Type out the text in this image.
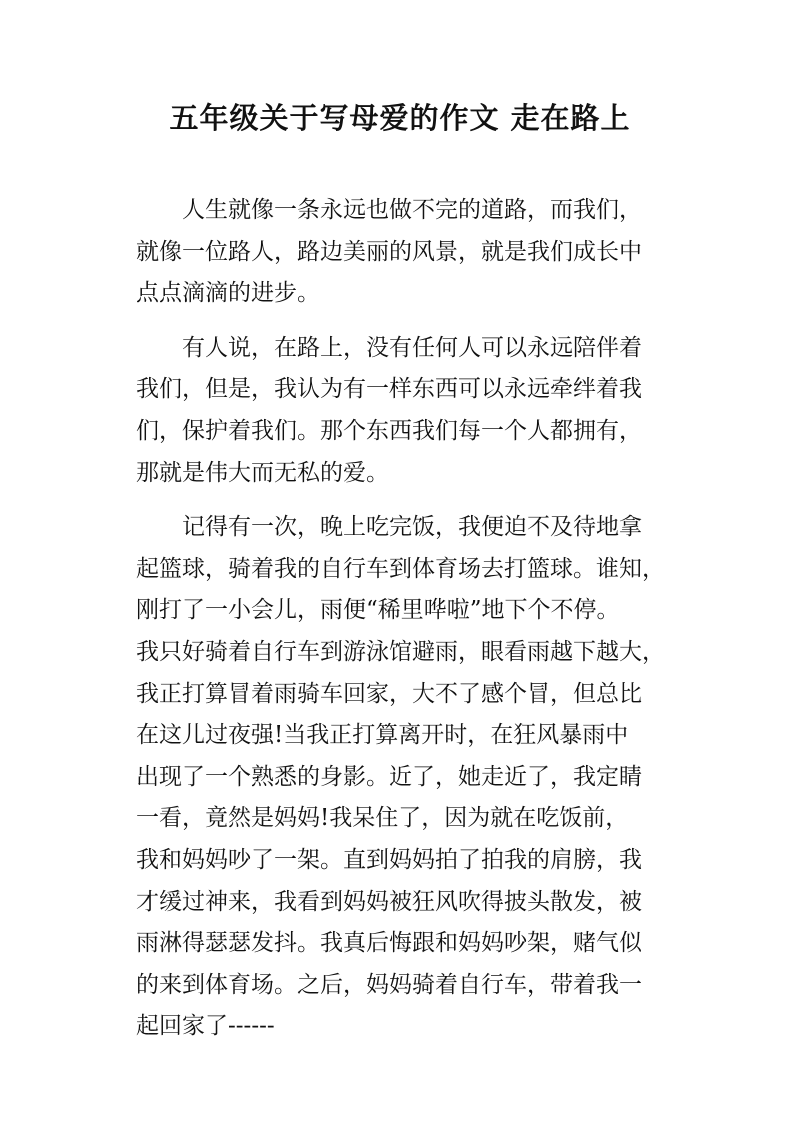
五年级关于写母爱的作文 走在路上
人生就像一条永远也做不完的道路，而我们，
就像一位路人，路边美丽的风景，就是我们成长中
点点滴滴的进步。
有人说，在路上，没有任何人可以永远陪伴着
我们，但是，我认为有一样东西可以永远牵绊着我
们，保护着我们。那个东西我们每一个人都拥有，
那就是伟大而无私的爱。
记得有一次，晚上吃完饭，我便迫不及待地拿
起篮球，骑着我的自行车到体育场去打篮球。谁知，
刚打了一小会儿，雨便“稀里哗啦”地下个不停。
我只好骑着自行车到游泳馆避雨，眼看雨越下越大，
我正打算冒着雨骑车回家，大不了感个冒，但总比
在这儿过夜强!当我正打算离开时，在狂风暴雨中
出现了一个熟悉的身影。近了，她走近了，我定睛
一看，竟然是妈妈!我呆住了，因为就在吃饭前，
我和妈妈吵了一架。直到妈妈拍了拍我的肩膀，我
才缓过神来，我看到妈妈被狂风吹得披头散发，被
雨淋得瑟瑟发抖。我真后悔跟和妈妈吵架，赌气似
的来到体育场。之后，妈妈骑着自行车，带着我一
起回家了------
